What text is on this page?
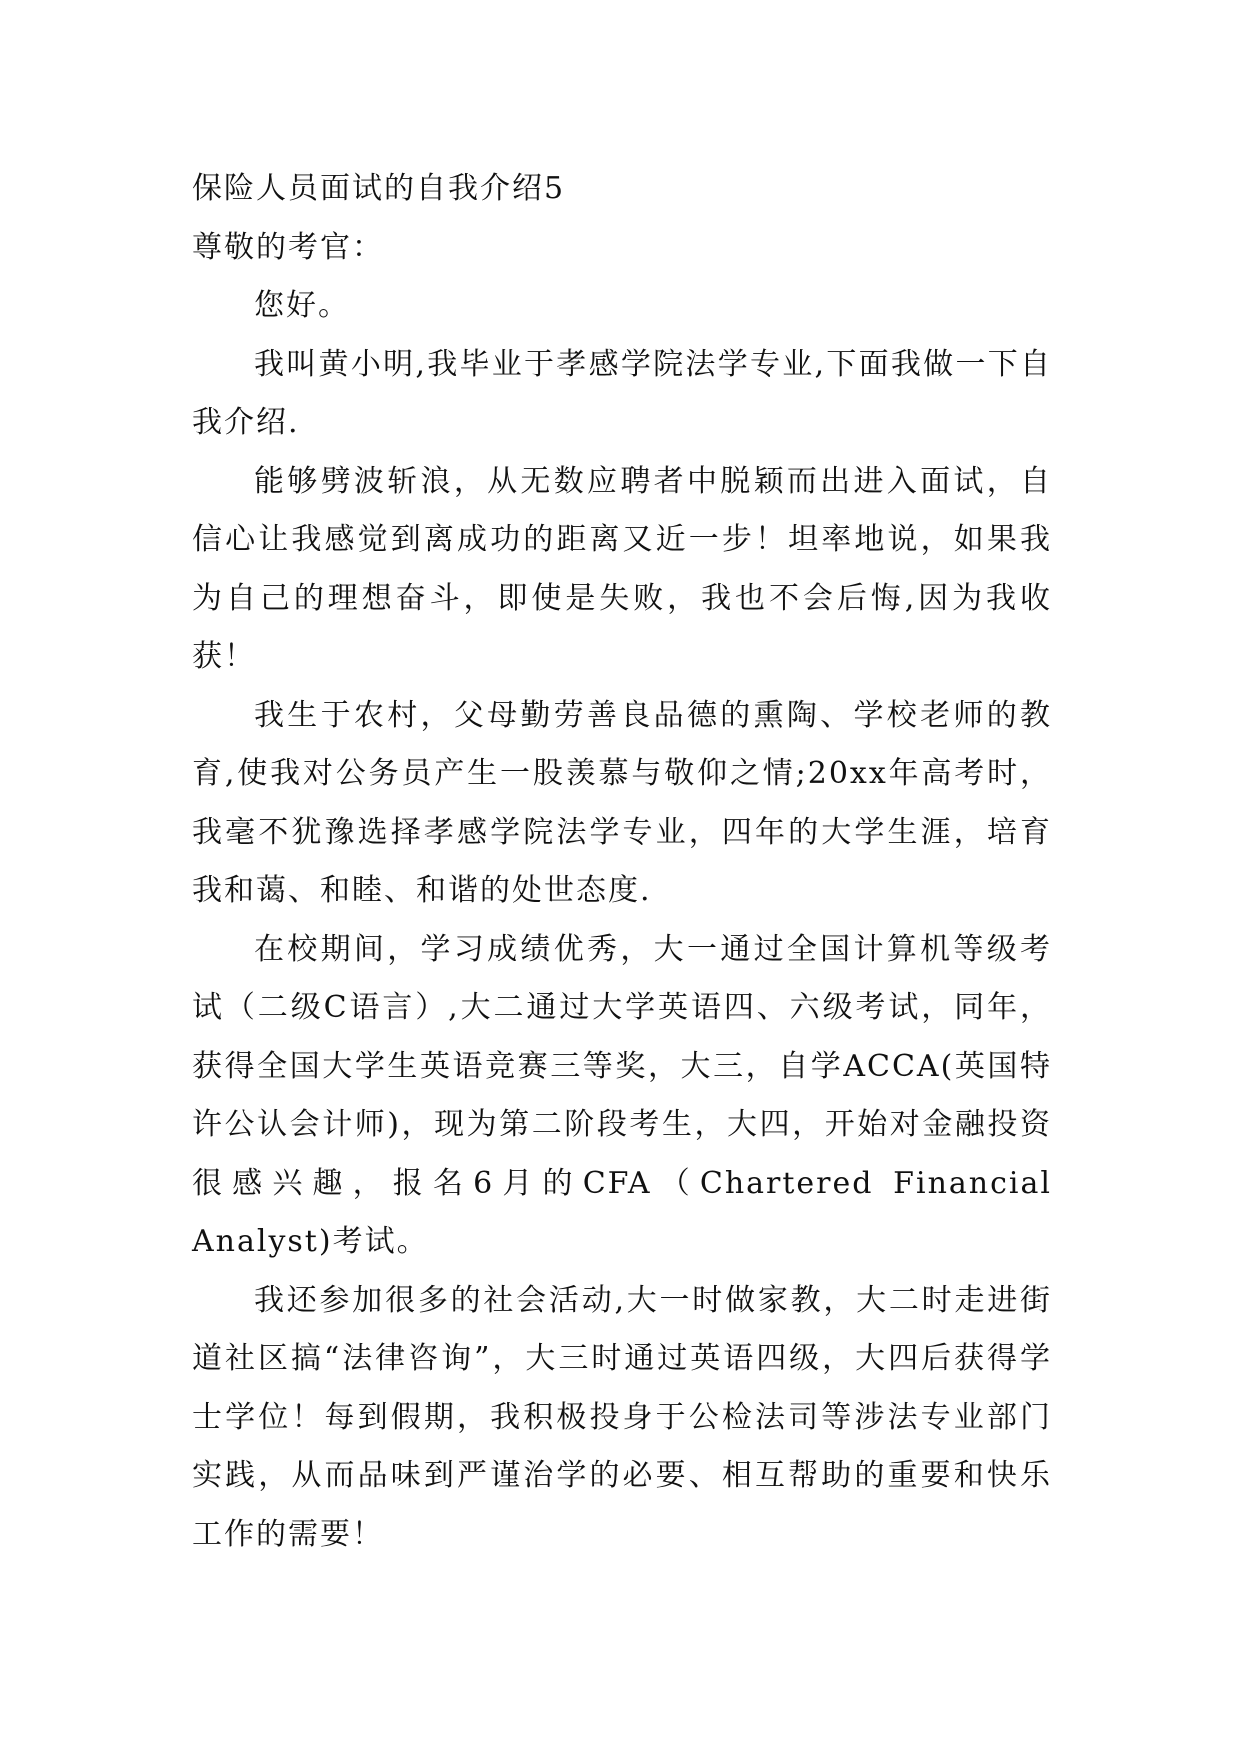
保险人员面试的自我介绍5

尊敬的考官：

您好。

我叫黄小明,我毕业于孝感学院法学专业,下面我做一下自我介绍.

能够劈波斩浪，从无数应聘者中脱颖而出进入面试，自信心让我感觉到离成功的距离又近一步！坦率地说，如果我为自己的理想奋斗，即使是失败，我也不会后悔,因为我收获！

我生于农村，父母勤劳善良品德的熏陶、学校老师的教育,使我对公务员产生一股羡慕与敬仰之情;20xx年高考时，我毫不犹豫选择孝感学院法学专业，四年的大学生涯，培育我和蔼、和睦、和谐的处世态度.

在校期间，学习成绩优秀，大一通过全国计算机等级考试（二级C语言）,大二通过大学英语四、六级考试，同年，获得全国大学生英语竞赛三等奖，大三，自学ACCA(英国特许公认会计师)，现为第二阶段考生，大四，开始对金融投资很感兴趣，报名6月的CFA（Chartered Financial Analyst)考试。

我还参加很多的社会活动,大一时做家教，大二时走进街道社区搞“法律咨询”，大三时通过英语四级，大四后获得学士学位！每到假期，我积极投身于公检法司等涉法专业部门实践，从而品味到严谨治学的必要、相互帮助的重要和快乐工作的需要！
